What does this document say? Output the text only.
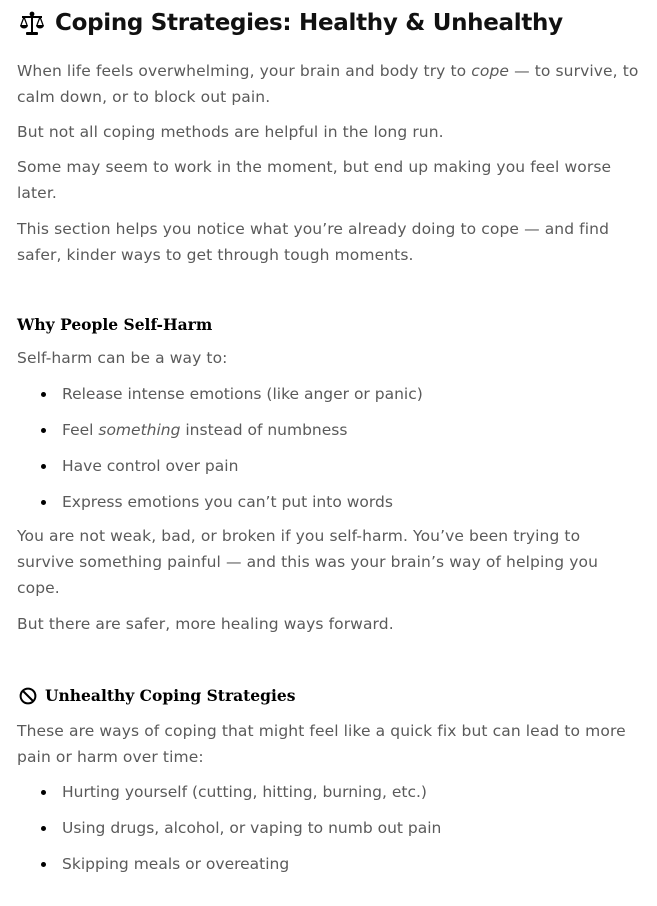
Coping Strategies: Healthy & Unhealthy

When life feels overwhelming, your brain and body try to cope — to survive, to calm down, or to block out pain.

But not all coping methods are helpful in the long run.

Some may seem to work in the moment, but end up making you feel worse later.

This section helps you notice what you’re already doing to cope — and find safer, kinder ways to get through tough moments.

Why People Self-Harm

Self-harm can be a way to:

Release intense emotions (like anger or panic)
Feel something instead of numbness
Have control over pain
Express emotions you can’t put into words

You are not weak, bad, or broken if you self-harm. You’ve been trying to survive something painful — and this was your brain’s way of helping you cope.

But there are safer, more healing ways forward.

Unhealthy Coping Strategies

These are ways of coping that might feel like a quick fix but can lead to more pain or harm over time:

Hurting yourself (cutting, hitting, burning, etc.)
Using drugs, alcohol, or vaping to numb out pain
Skipping meals or overeating
